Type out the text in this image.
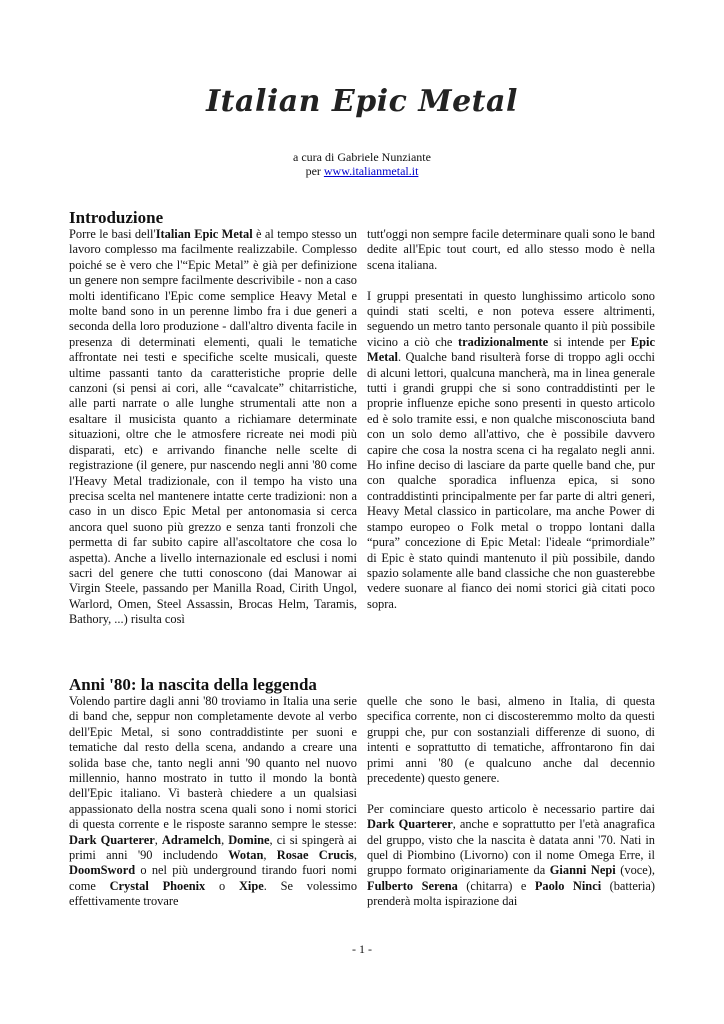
Italian Epic Metal
a cura di Gabriele Nunziante
per www.italianmetal.it
Introduzione

Porre le basi dell'Italian Epic Metal è al tempo stesso un lavoro complesso ma facilmente realizzabile. Complesso poiché se è vero che l'“Epic Metal” è già per definizione un genere non sempre facilmente descrivibile - non a caso molti identificano l'Epic come semplice Heavy Metal e molte band sono in un perenne limbo fra i due generi a seconda della loro produzione - dall'altro diventa facile in presenza di determinati elementi, quali le tematiche affrontate nei testi e specifiche scelte musicali, queste ultime passanti tanto da caratteristiche proprie delle canzoni (si pensi ai cori, alle “cavalcate” chitarristiche, alle parti narrate o alle lunghe strumentali atte non a esaltare il musicista quanto a richiamare determinate situazioni, oltre che le atmosfere ricreate nei modi più disparati, etc) e arrivando finanche nelle scelte di registrazione (il genere, pur nascendo negli anni '80 come l'Heavy Metal tradizionale, con il tempo ha visto una precisa scelta nel mantenere intatte certe tradizioni: non a caso in un disco Epic Metal per antonomasia si cerca ancora quel suono più grezzo e senza tanti fronzoli che permetta di far subito capire all'ascoltatore che cosa lo aspetta). Anche a livello internazionale ed esclusi i nomi sacri del genere che tutti conoscono (dai Manowar ai Virgin Steele, passando per Manilla Road, Cirith Ungol, Warlord, Omen, Steel Assassin, Brocas Helm, Taramis, Bathory, ...) risulta così

tutt'oggi non sempre facile determinare quali sono le band dedite all'Epic tout court, ed allo stesso modo è nella scena italiana.

I gruppi presentati in questo lunghissimo articolo sono quindi stati scelti, e non poteva essere altrimenti, seguendo un metro tanto personale quanto il più possibile vicino a ciò che tradizionalmente si intende per Epic Metal. Qualche band risulterà forse di troppo agli occhi di alcuni lettori, qualcuna mancherà, ma in linea generale tutti i grandi gruppi che si sono contraddistinti per le proprie influenze epiche sono presenti in questo articolo ed è solo tramite essi, e non qualche misconosciuta band con un solo demo all'attivo, che è possibile davvero capire che cosa la nostra scena ci ha regalato negli anni. Ho infine deciso di lasciare da parte quelle band che, pur con qualche sporadica influenza epica, si sono contraddistinti principalmente per far parte di altri generi, Heavy Metal classico in particolare, ma anche Power di stampo europeo o Folk metal o troppo lontani dalla “pura” concezione di Epic Metal: l'ideale “primordiale” di Epic è stato quindi mantenuto il più possibile, dando spazio solamente alle band classiche che non guasterebbe vedere suonare al fianco dei nomi storici già citati poco sopra.

Anni '80: la nascita della leggenda

Volendo partire dagli anni '80 troviamo in Italia una serie di band che, seppur non completamente devote al verbo dell'Epic Metal, si sono contraddistinte per suoni e tematiche dal resto della scena, andando a creare una solida base che, tanto negli anni '90 quanto nel nuovo millennio, hanno mostrato in tutto il mondo la bontà dell'Epic italiano. Vi basterà chiedere a un qualsiasi appassionato della nostra scena quali sono i nomi storici di questa corrente e le risposte saranno sempre le stesse: Dark Quarterer, Adramelch, Domine, ci si spingerà ai primi anni '90 includendo Wotan, Rosae Crucis, DoomSword o nel più underground tirando fuori nomi come Crystal Phoenix o Xipe. Se volessimo effettivamente trovare

quelle che sono le basi, almeno in Italia, di questa specifica corrente, non ci discosteremmo molto da questi gruppi che, pur con sostanziali differenze di suono, di intenti e soprattutto di tematiche, affrontarono fin dai primi anni '80 (e qualcuno anche dal decennio precedente) questo genere.

Per cominciare questo articolo è necessario partire dai Dark Quarterer, anche e soprattutto per l'età anagrafica del gruppo, visto che la nascita è datata anni '70. Nati in quel di Piombino (Livorno) con il nome Omega Erre, il gruppo formato originariamente da Gianni Nepi (voce), Fulberto Serena (chitarra) e Paolo Ninci (batteria) prenderà molta ispirazione dai

- 1 -
